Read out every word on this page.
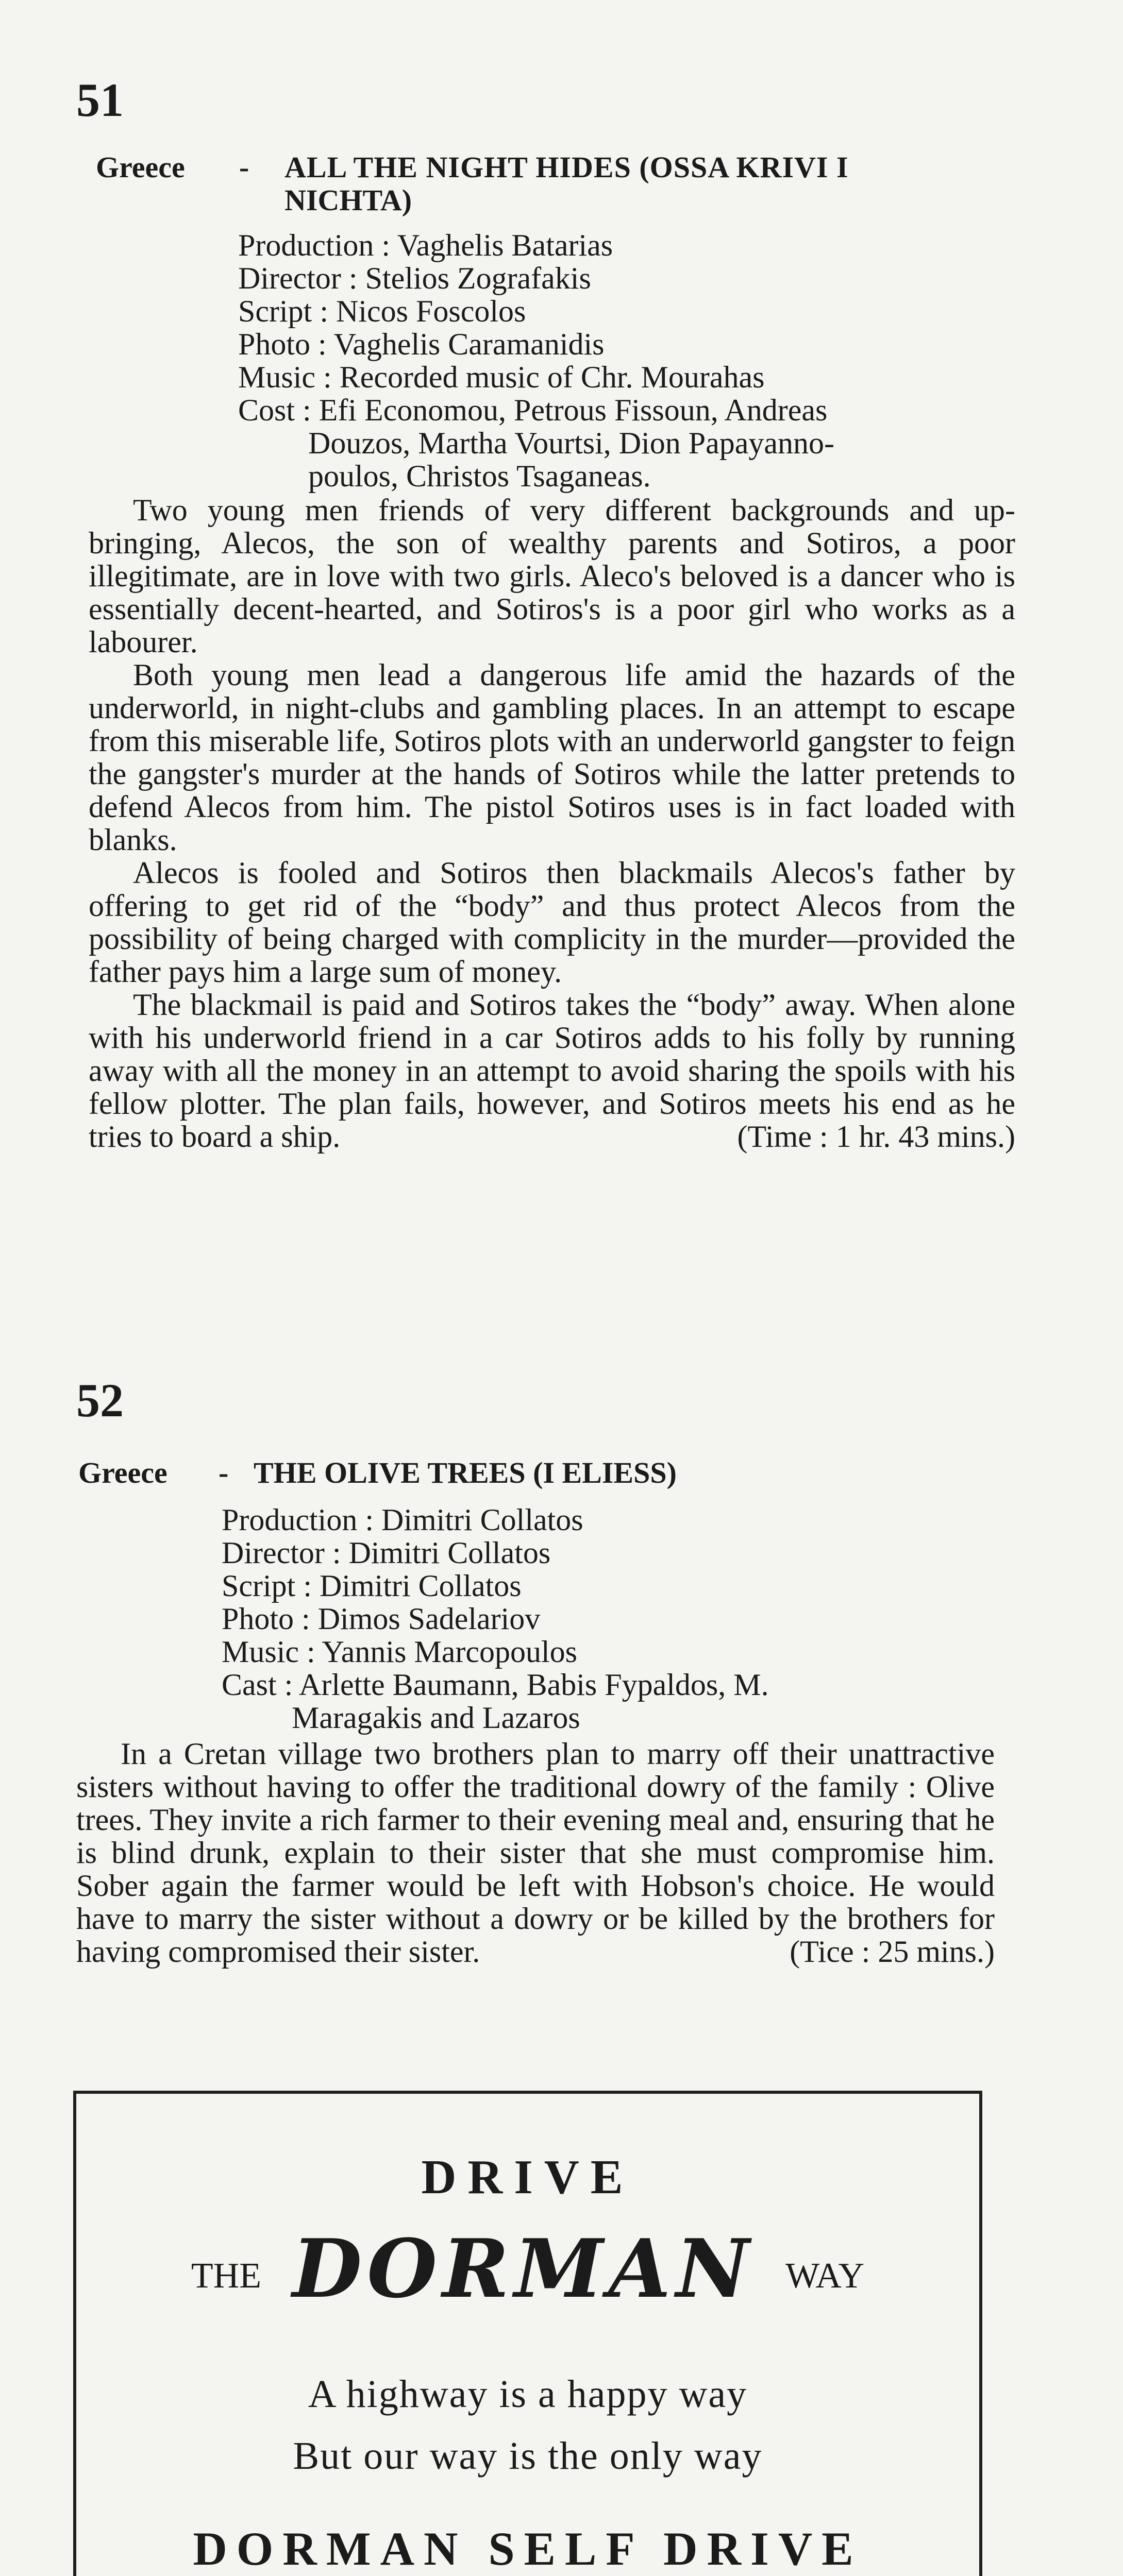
51
Greece - ALL THE NIGHT HIDES (OSSA KRIVI I
NICHTA)
Production : Vaghelis Batarias
Director : Stelios Zografakis
Script : Nicos Foscolos
Photo : Vaghelis Caramanidis
Music : Recorded music of Chr. Mourahas
Cost : Efi Economou, Petrous Fissoun, Andreas
Douzos, Martha Vourtsi, Dion Papayanno-
poulos, Christos Tsaganeas.

Two young men friends of very different backgrounds and up-bringing, Alecos, the son of wealthy parents and Sotiros, a poor illegitimate, are in love with two girls. Aleco's beloved is a dancer who is essentially decent-hearted, and Sotiros's is a poor girl who works as a labourer.

Both young men lead a dangerous life amid the hazards of the underworld, in night-clubs and gambling places. In an attempt to escape from this miserable life, Sotiros plots with an underworld gangster to feign the gangster's murder at the hands of Sotiros while the latter pretends to defend Alecos from him. The pistol Sotiros uses is in fact loaded with blanks.

Alecos is fooled and Sotiros then blackmails Alecos's father by offering to get rid of the “body” and thus protect Alecos from the possibility of being charged with complicity in the murder—provided the father pays him a large sum of money.

The blackmail is paid and Sotiros takes the “body” away. When alone with his underworld friend in a car Sotiros adds to his folly by running away with all the money in an attempt to avoid sharing the spoils with his fellow plotter. The plan fails, however, and Sotiros meets his end as he tries to board a ship.	(Time : 1 hr. 43 mins.)

52
Greece - THE OLIVE TREES (I ELIESS)
Production : Dimitri Collatos
Director : Dimitri Collatos
Script : Dimitri Collatos
Photo : Dimos Sadelariov
Music : Yannis Marcopoulos
Cast : Arlette Baumann, Babis Fypaldos, M.
Maragakis and Lazaros

In a Cretan village two brothers plan to marry off their unattractive sisters without having to offer the traditional dowry of the family : Olive trees. They invite a rich farmer to their evening meal and, ensuring that he is blind drunk, explain to their sister that she must compromise him. Sober again the farmer would be left with Hobson's choice. He would have to marry the sister without a dowry or be killed by the brothers for having compromised their sister.	(Tice : 25 mins.)

DRIVE
THE DORMAN WAY
A highway is a happy way
But our way is the only way
DORMAN SELF DRIVE
